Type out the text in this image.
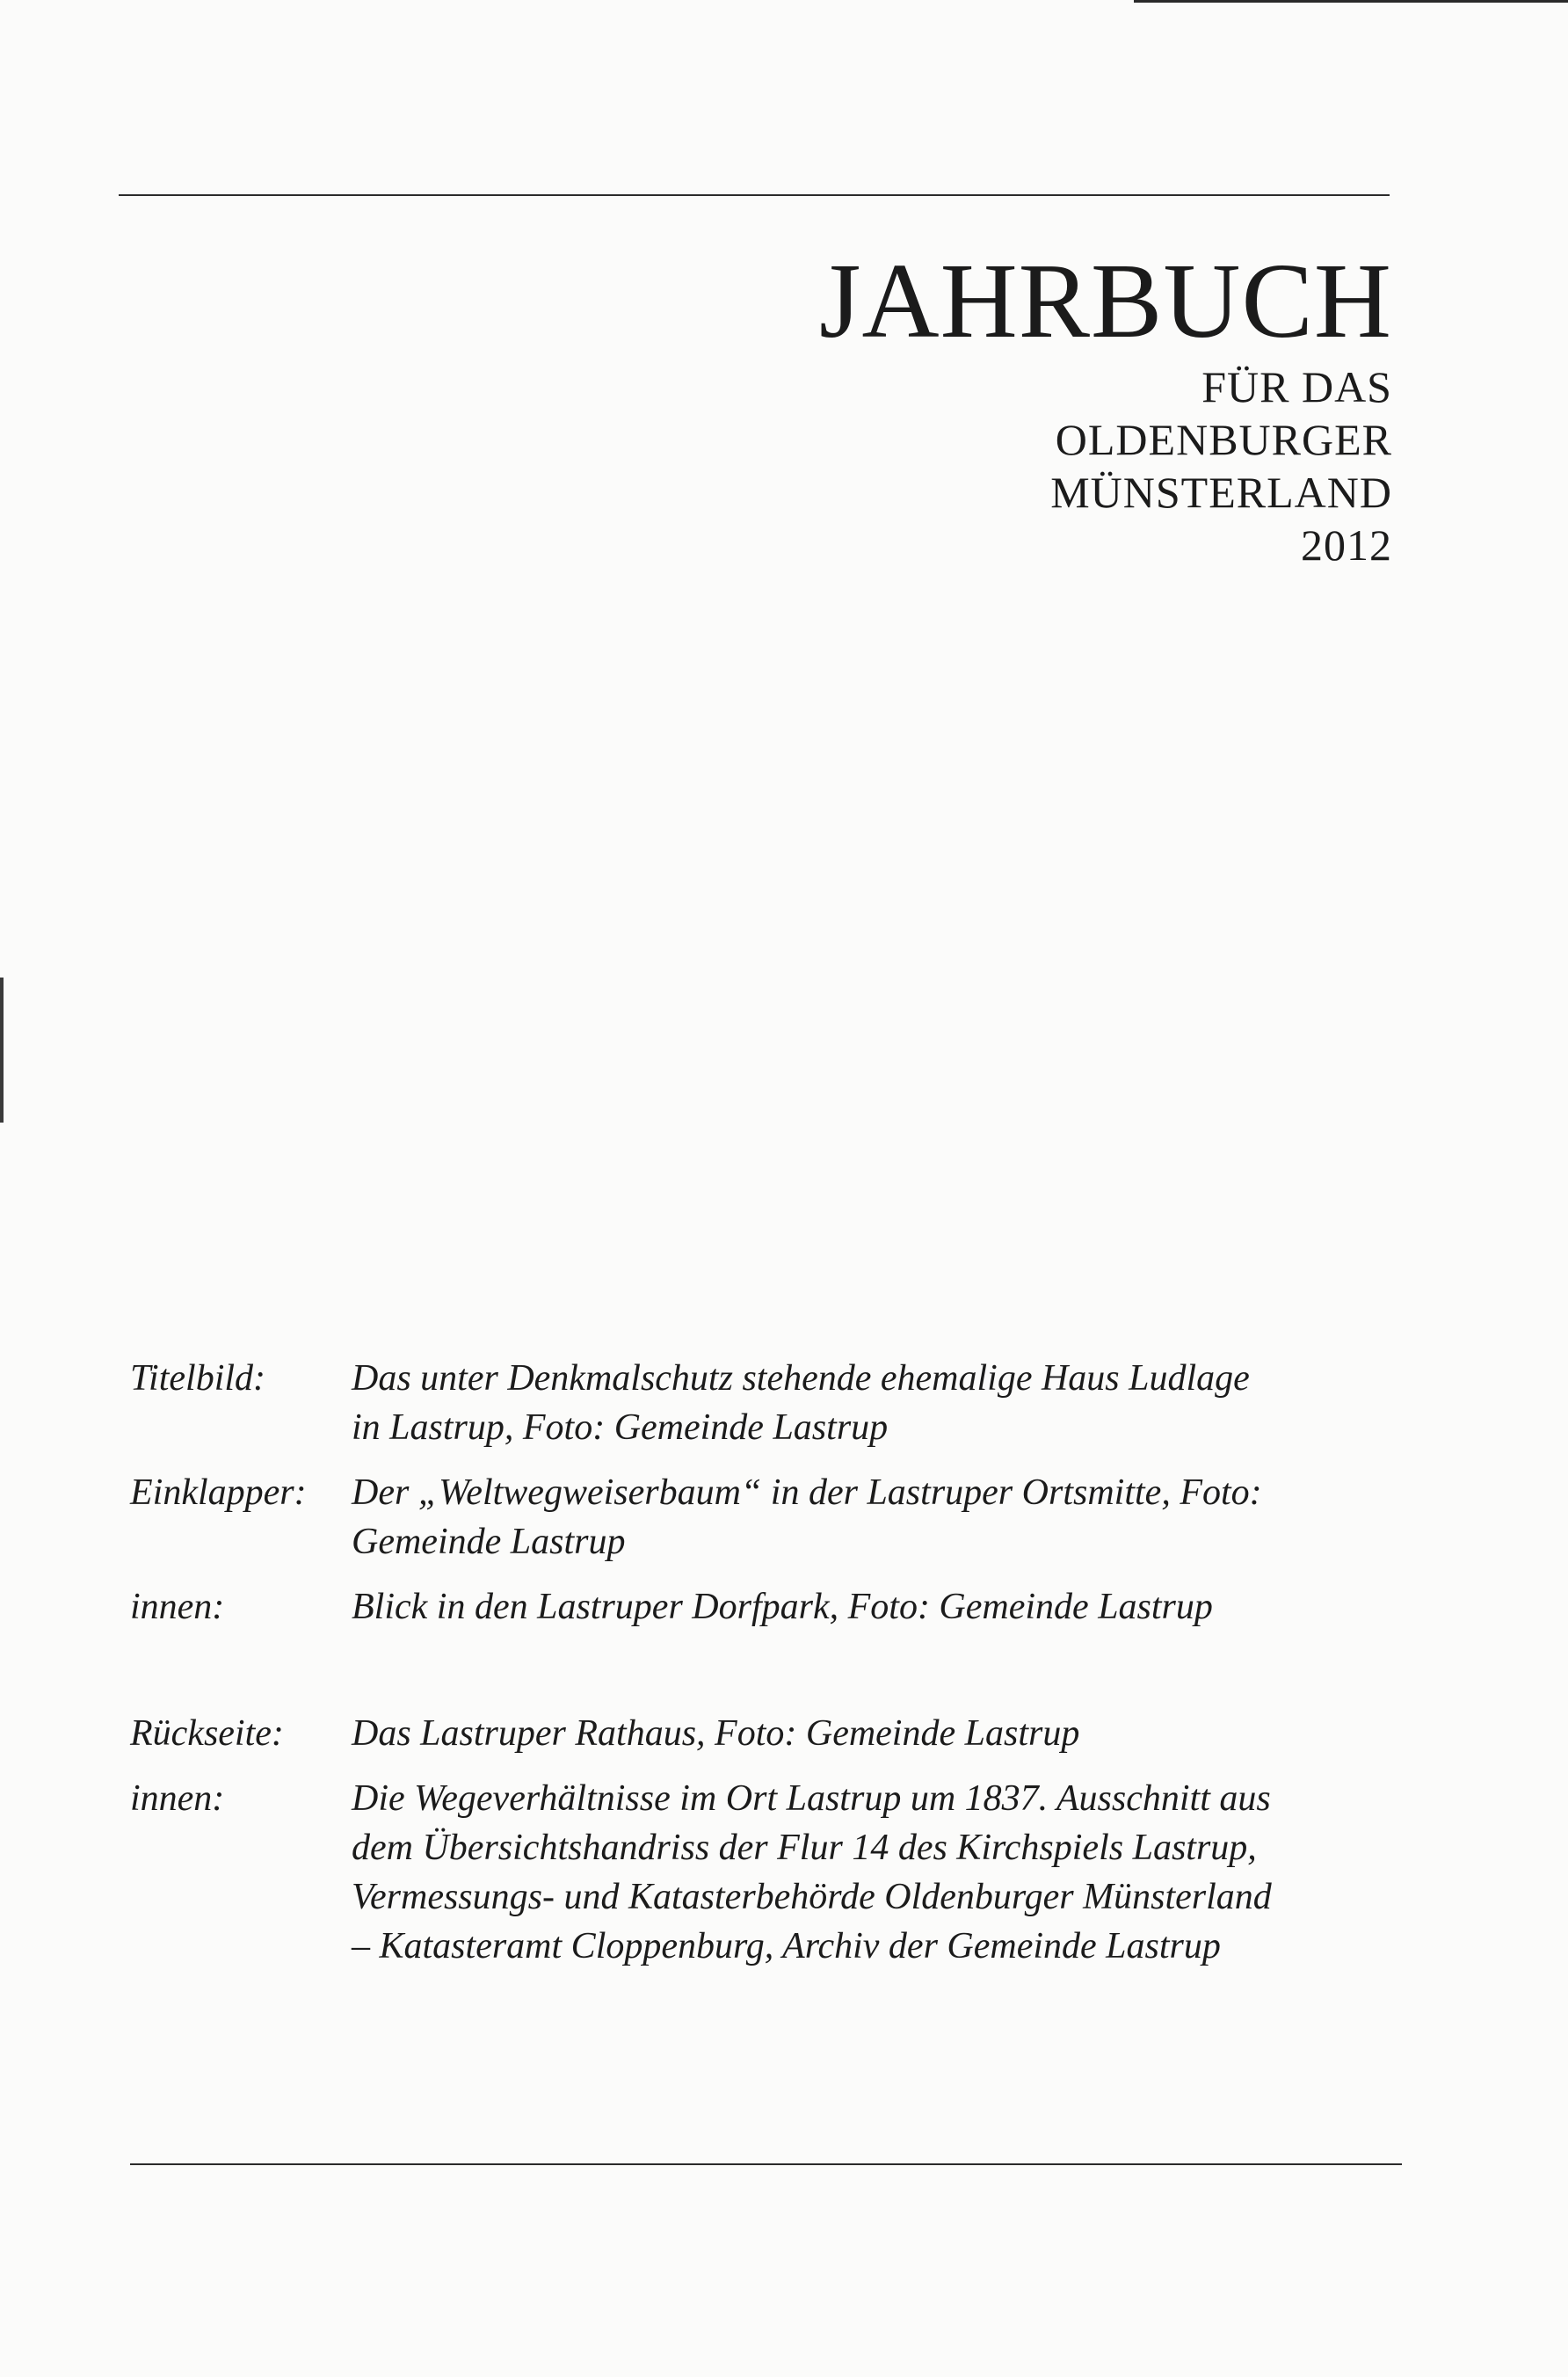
JAHRBUCH

FÜR DAS

OLDENBURGER

MÜNSTERLAND

2012

Titelbild:	Das unter Denkmalschutz stehende ehemalige Haus Ludlage in Lastrup, Foto: Gemeinde Lastrup
Einklapper:	Der „Weltwegweiserbaum“ in der Lastruper Ortsmitte, Foto: Gemeinde Lastrup
innen:	Blick in den Lastruper Dorfpark, Foto: Gemeinde Lastrup
Rückseite:	Das Lastruper Rathaus, Foto: Gemeinde Lastrup
innen:	Die Wegeverhältnisse im Ort Lastrup um 1837. Ausschnitt aus dem Übersichtshandriss der Flur 14 des Kirchspiels Lastrup, Vermessungs- und Katasterbehörde Oldenburger Münsterland – Katasteramt Cloppenburg, Archiv der Gemeinde Lastrup
